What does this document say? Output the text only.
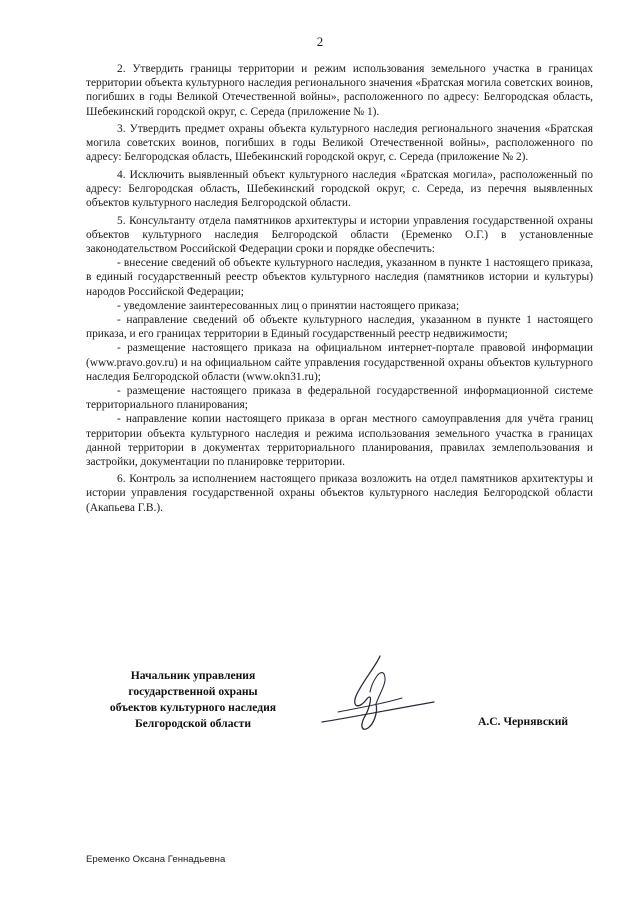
2

2. Утвердить границы территории и режим использования земельного участка в границах территории объекта культурного наследия регионального значения «Братская могила советских воинов, погибших в годы Великой Отечественной войны», расположенного по адресу: Белгородская область, Шебекинский городской округ, с. Середа (приложение № 1).

3. Утвердить предмет охраны объекта культурного наследия регионального значения «Братская могила советских воинов, погибших в годы Великой Отечественной войны», расположенного по адресу: Белгородская область, Шебекинский городской округ, с. Середа (приложение № 2).

4. Исключить выявленный объект культурного наследия «Братская могила», расположенный по адресу: Белгородская область, Шебекинский городской округ, с. Середа, из перечня выявленных объектов культурного наследия Белгородской области.

5. Консультанту отдела памятников архитектуры и истории управления государственной охраны объектов культурного наследия Белгородской области (Еременко О.Г.) в установленные законодательством Российской Федерации сроки и порядке обеспечить:

- внесение сведений об объекте культурного наследия, указанном в пункте 1 настоящего приказа, в единый государственный реестр объектов культурного наследия (памятников истории и культуры) народов Российской Федерации;

- уведомление заинтересованных лиц о принятии настоящего приказа;

- направление сведений об объекте культурного наследия, указанном в пункте 1 настоящего приказа, и его границах территории в Единый государственный реестр недвижимости;

- размещение настоящего приказа на официальном интернет-портале правовой информации (www.pravo.gov.ru) и на официальном сайте управления государственной охраны объектов культурного наследия Белгородской области (www.okn31.ru);

- размещение настоящего приказа в федеральной государственной информационной системе территориального планирования;

- направление копии настоящего приказа в орган местного самоуправления для учёта границ территории объекта культурного наследия и режима использования земельного участка в границах данной территории в документах территориального планирования, правилах землепользования и застройки, документации по планировке территории.

6. Контроль за исполнением настоящего приказа возложить на отдел памятников архитектуры и истории управления государственной охраны объектов культурного наследия Белгородской области (Акапьева Г.В.).

Начальник управления
государственной охраны
объектов культурного наследия
Белгородской области	А.С. Чернявский
Еременко Оксана Геннадьевна
